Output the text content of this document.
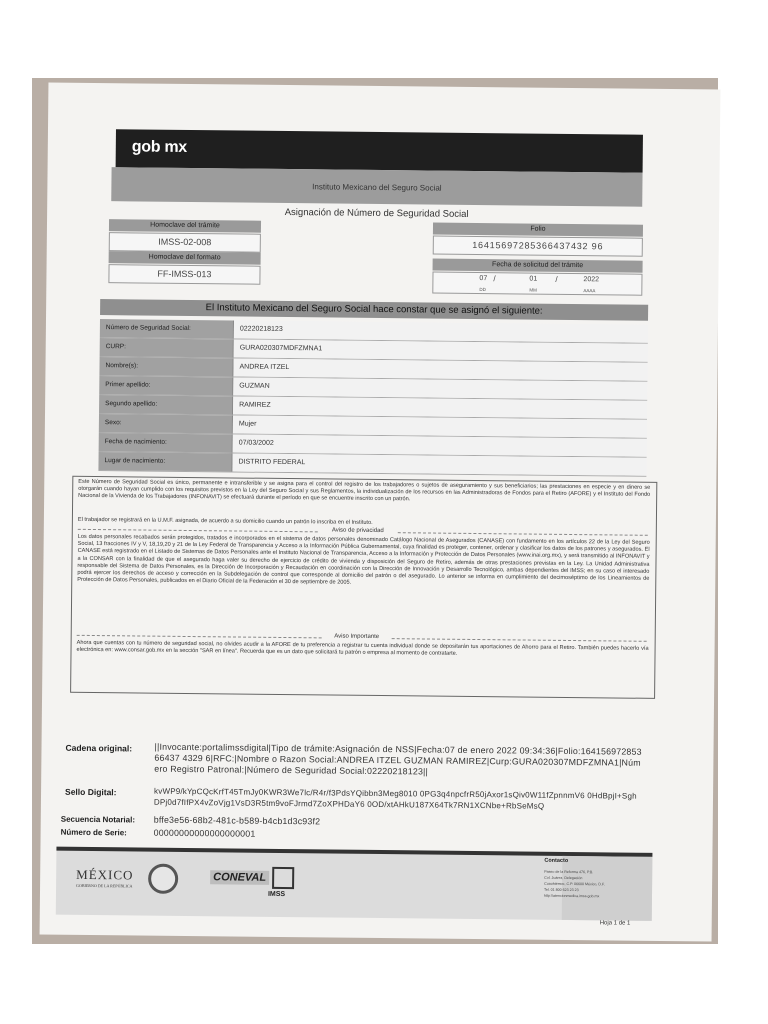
gob mx
Instituto Mexicano del Seguro Social
Asignación de Número de Seguridad Social
Homoclave del trámite
IMSS-02-008
Homoclave del formato
FF-IMSS-013
Folio
16415697285366437432 96
Fecha de solicitud del trámite
07 /	01 /	2022
DD	MM	AAAA
El Instituto Mexicano del Seguro Social hace constar que se asignó el siguiente:
Número de Seguridad Social:	02220218123
CURP:	GURA020307MDFZMNA1
Nombre(s):	ANDREA ITZEL
Primer apellido:	GUZMAN
Segundo apellido:	RAMIREZ
Sexo:	Mujer
Fecha de nacimiento:	07/03/2002
Lugar de nacimiento:	DISTRITO FEDERAL
Este Número de Seguridad Social es único, permanente e intransferible y se asigna para el control del registro de los trabajadores o sujetos de aseguramiento y sus beneficiarios; las prestaciones en especie y en dinero se otorgarán cuando hayan cumplido con los requisitos previstos en la Ley del Seguro Social y sus Reglamentos, la individualización de los recursos en las Administradoras de Fondos para el Retiro (AFORE) y el Instituto del Fondo Nacional de la Vivienda de los Trabajadores (INFONAVIT) se efectuará durante el período en que se encuentre inscrito con un patrón.
El trabajador se registrará en la U.M.F. asignada, de acuerdo a su domicilio cuando un patrón lo inscriba en el Instituto.
Aviso de privacidad
Los datos personales recabados serán protegidos, tratados e incorporados en el sistema de datos personales denominado Catálogo Nacional de Asegurados (CANASE) con fundamento en los artículos 22 de la Ley del Seguro Social, 13 fracciones IV y V, 18,19,20 y 21 de la Ley Federal de Transparencia y Acceso a la Información Pública Gubernamental, cuya finalidad es proteger, contener, ordenar y clasificar los datos de los patrones y asegurados. El CANASE está registrado en el Listado de Sistemas de Datos Personales ante el Instituto Nacional de Transparencia, Acceso a la Información y Protección de Datos Personales (www.inai.org.mx), y será transmitido al INFONAVIT y a la CONSAR con la finalidad de que el asegurado haga valer su derecho de ejercicio de crédito de vivienda y disposición del Seguro de Retiro, además de otras prestaciones previstas en la Ley. La Unidad Administrativa responsable del Sistema de Datos Personales, es la Dirección de Incorporación y Recaudación en coordinación con la Dirección de Innovación y Desarrollo Tecnológico, ambas dependientes del IMSS; en su caso el interesado podrá ejercer los derechos de acceso y corrección en la Subdelegación de control que corresponde al domicilio del patrón o del asegurado. Lo anterior se informa en cumplimiento del decimoséptimo de los Lineamientos de Protección de Datos Personales, publicados en el Diario Oficial de la Federación el 30 de septiembre de 2005.
Aviso Importante
Ahora que cuentas con tu número de seguridad social, no olvides acudir a la AFORE de tu preferencia a registrar tu cuenta individual donde se depositarán tus aportaciones de Ahorro para el Retiro. También puedes hacerlo vía electrónica en: www.consar.gob.mx en la sección "SAR en línea". Recuerda que es un dato que solicitará tu patrón o empresa al momento de contratarte.
Cadena original:	||Invocante:portalimssdigital|Tipo de trámite:Asignación de NSS|Fecha:07 de enero 2022 09:34:36|Folio:16415697285366437 4329 6|RFC:|Nombre o Razon Social:ANDREA ITZEL GUZMAN RAMIREZ|Curp:GURA020307MDFZMNA1|Número Registro Patronal:|Número de Seguridad Social:02220218123||
Sello Digital:	kvWP9/kYpCQcKrfT45TmJy0KWR3We7lc/R4r/f3PdsYQibbn3Meg8010 0PG3q4npcfrR50jAxor1sQiv0W11fZpnnmV6 0HdBpjI+SghDPj0d7fIfPX4vZoVjg1VsD3R5tm9voFJrmd7ZoXPHDaY6 0OD/xtAHkU187X64Tk7RN1XCNbe+RbSeMsQ
Secuencia Notarial: bffe3e56-68b2-481c-b589-b4cb1d3c93f2
Número de Serie:	00000000000000000001
MÉXICO
GOBIERNO DE LA REPÚBLICA
CONEVAL
IMSS
Contacto
Paseo de la Reforma 476, P.B.
Col. Juárez, Delegación
Cuauhtémoc, C.P. 06600 México, D.F.
Tel. 01 800 623 23 23
http://atencionmedica.imss.gob.mx
Hoja 1 de 1
